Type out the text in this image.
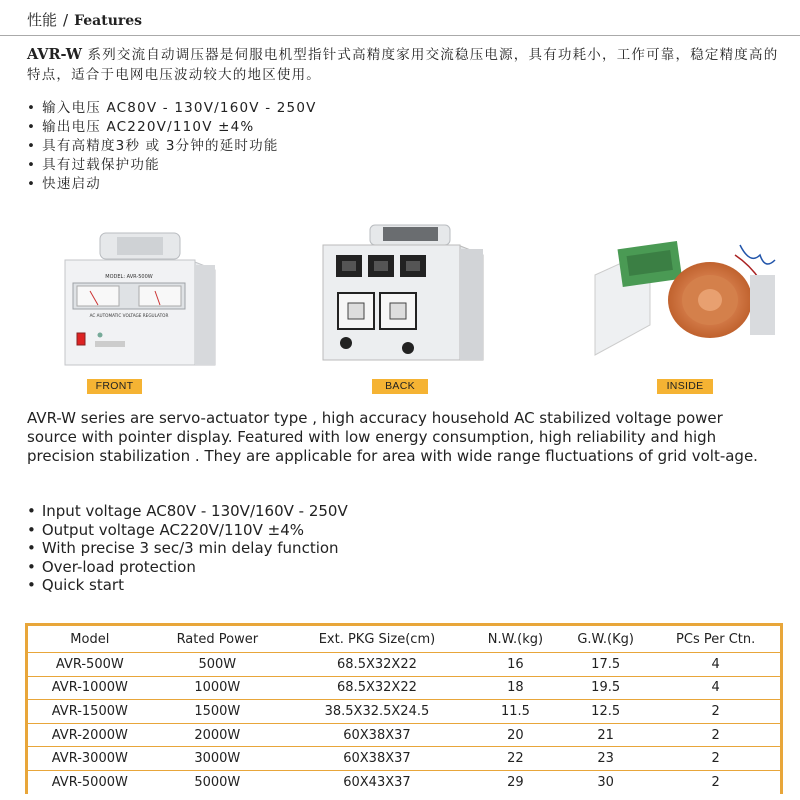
性能 / Features
AVR-W 系列交流自动调压器是伺服电机型指针式高精度家用交流稳压电源，具有功耗小，工作可靠，稳定精度高的特点，适合于电网电压波动较大的地区使用。
• 输入电压 AC80V - 130V/160V - 250V
• 输出电压 AC220V/110V ±4%
• 具有高精度3秒 或 3分钟的延时功能
• 具有过载保护功能
• 快速启动
MODEL: AVR-500W
AC AUTOMATIC VOLTAGE REGULATOR
FRONT	BACK	INSIDE
AVR-W series are servo-actuator type , high accuracy household AC stabilized voltage power source with pointer display. Featured with low energy consumption, high reliability and high precision stabilization . They are applicable for area with wide range fluctuations of grid volt-age.
• Input voltage AC80V - 130V/160V - 250V
• Output voltage AC220V/110V ±4%
• With precise 3 sec/3 min delay function
• Over-load protection
• Quick start
Model	Rated Power	Ext. PKG Size(cm)	N.W.(kg)	G.W.(Kg)	PCs Per Ctn.
AVR-500W	500W	68.5X32X22	16	17.5	4
AVR-1000W	1000W	68.5X32X22	18	19.5	4
AVR-1500W	1500W	38.5X32.5X24.5	11.5	12.5	2
AVR-2000W	2000W	60X38X37	20	21	2
AVR-3000W	3000W	60X38X37	22	23	2
AVR-5000W	5000W	60X43X37	29	30	2
